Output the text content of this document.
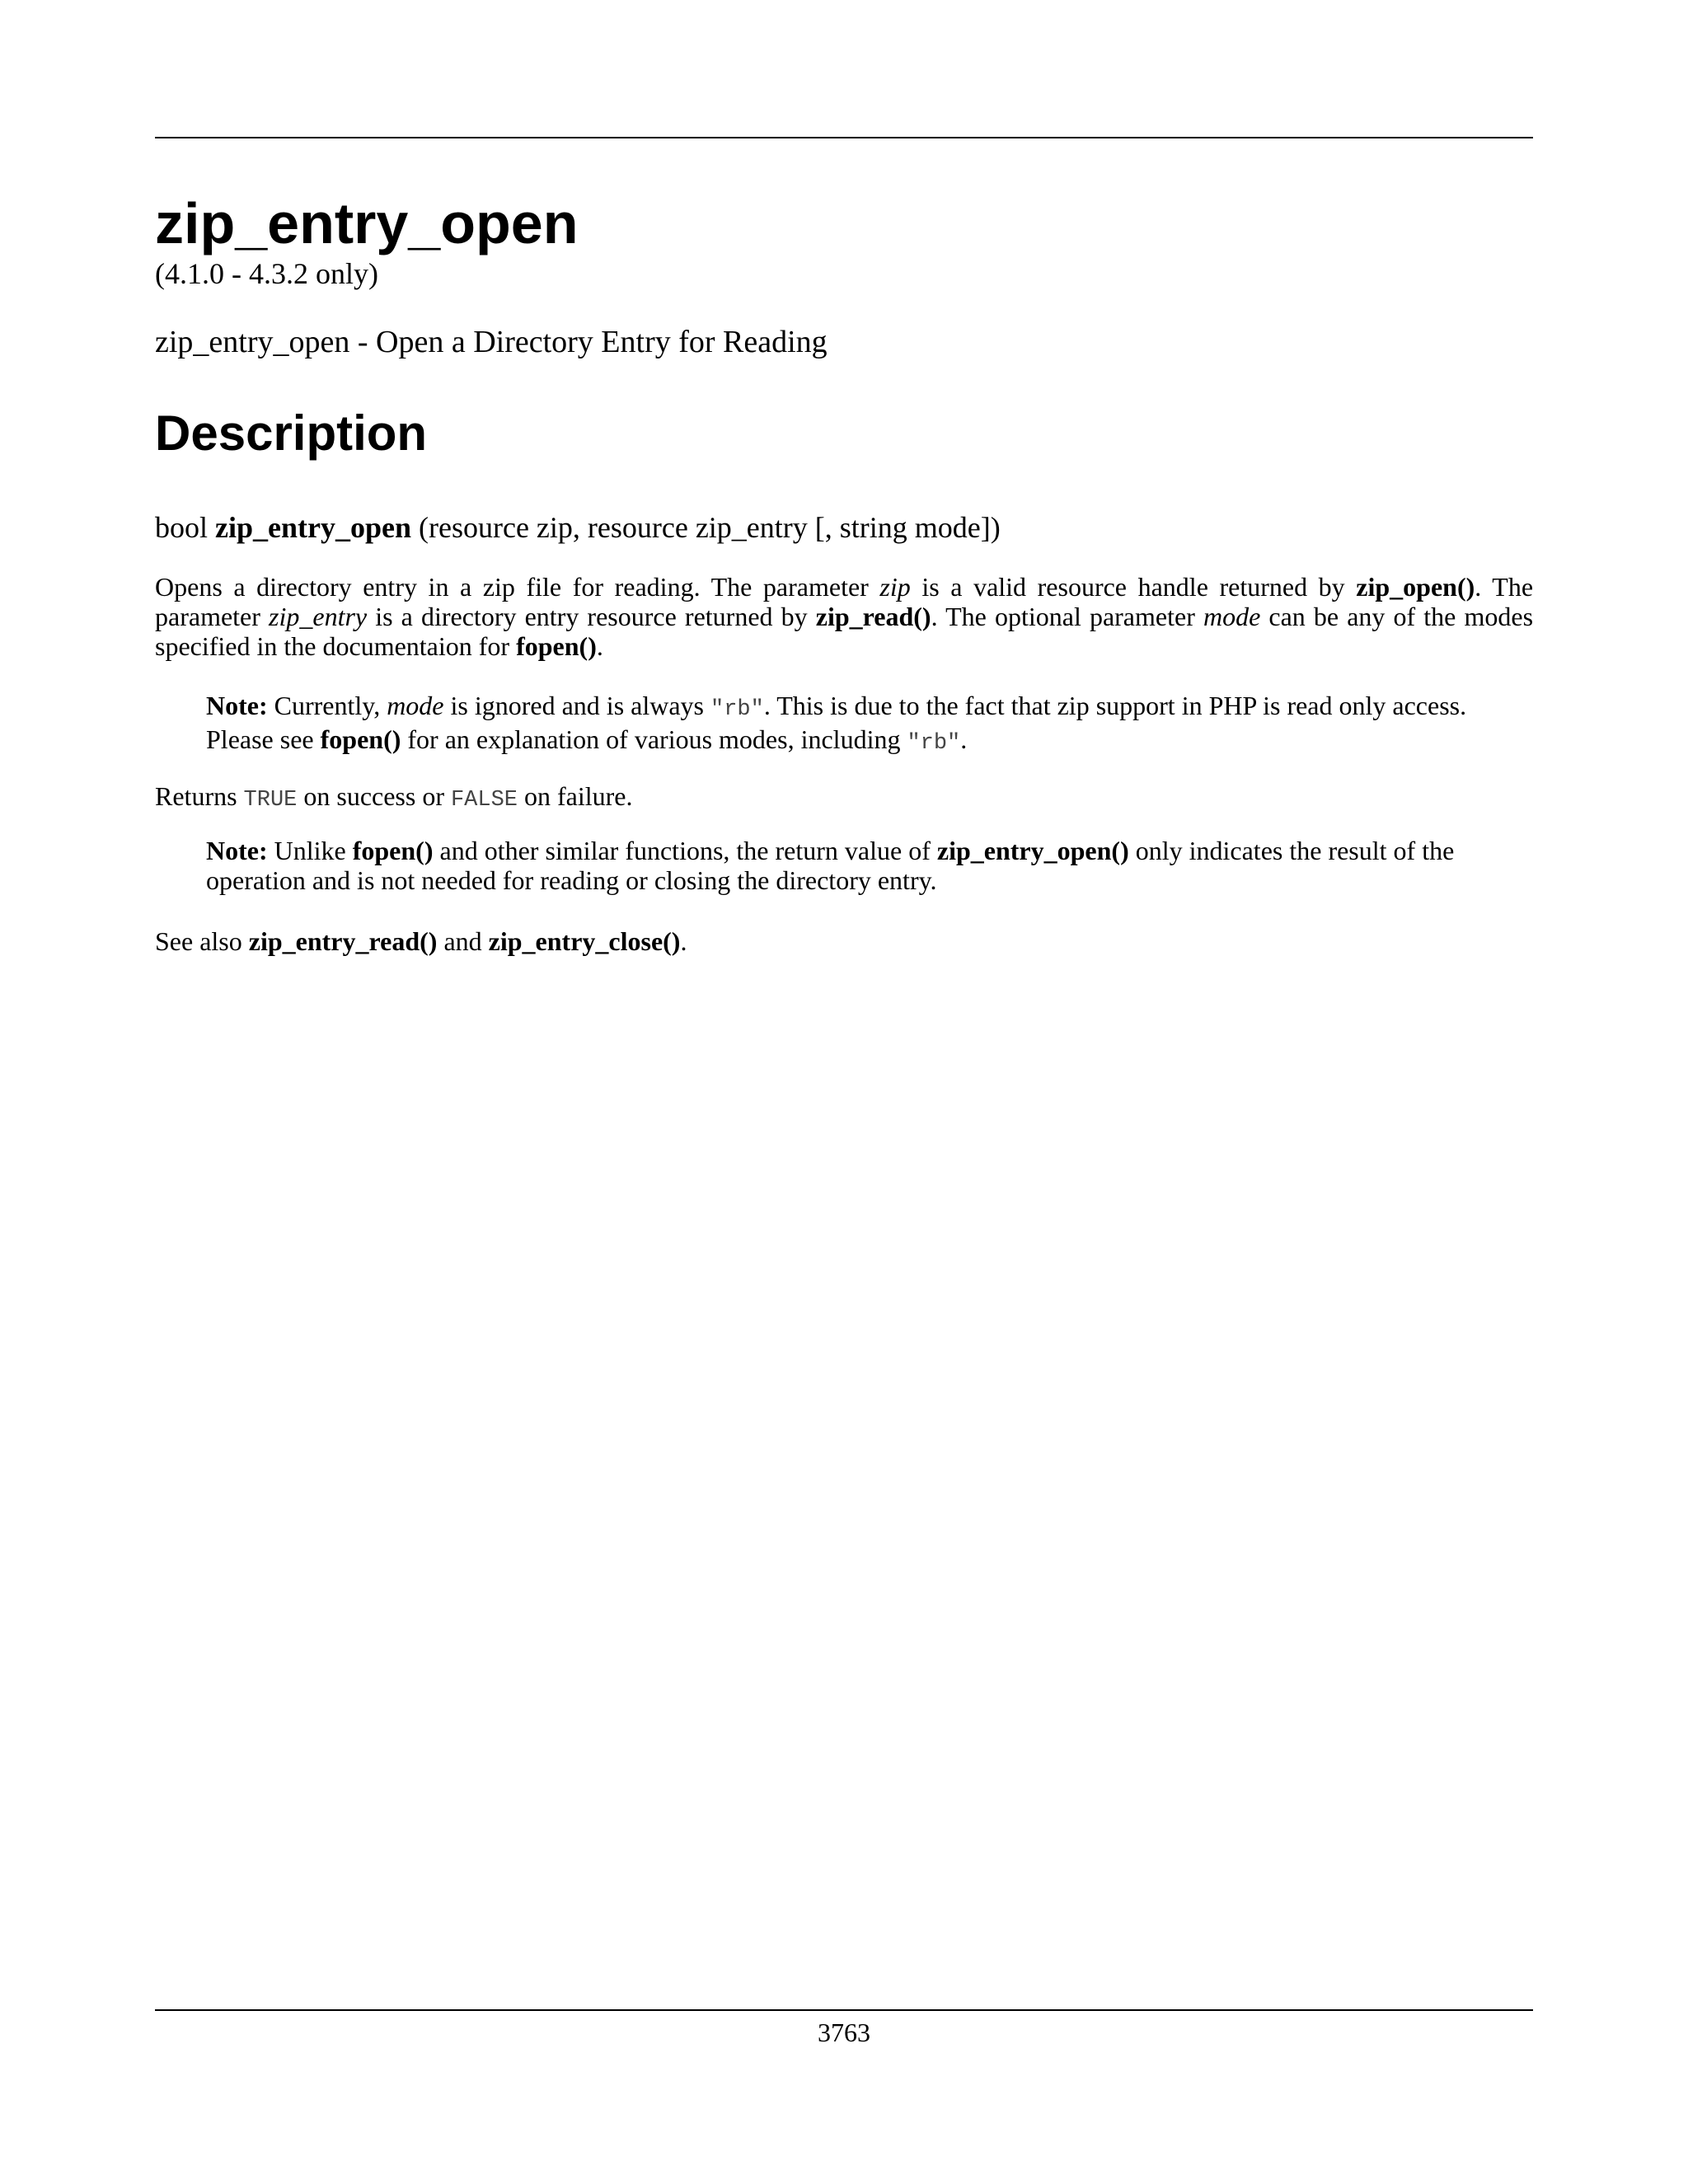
zip_entry_open
(4.1.0 - 4.3.2 only)
zip_entry_open - Open a Directory Entry for Reading
Description
bool zip_entry_open (resource zip, resource zip_entry [, string mode])

Opens a directory entry in a zip file for reading. The parameter zip is a valid resource handle returned by zip_open(). The parameter zip_entry is a directory entry resource returned by zip_read(). The optional parameter mode can be any of the modes specified in the documentaion for fopen().

Note: Currently, mode is ignored and is always "rb". This is due to the fact that zip support in PHP is read only access. Please see fopen() for an explanation of various modes, including "rb".

Returns TRUE on success or FALSE on failure.

Note: Unlike fopen() and other similar functions, the return value of zip_entry_open() only indicates the result of the operation and is not needed for reading or closing the directory entry.

See also zip_entry_read() and zip_entry_close().

3763
